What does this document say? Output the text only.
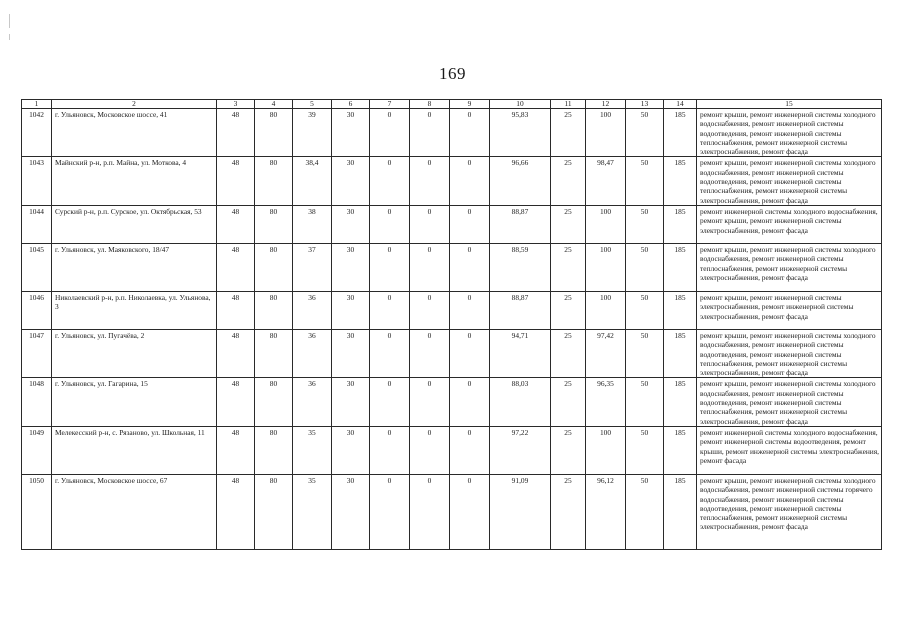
169
1	2	3	4	5	6	7	8	9	10	11	12	13	14	15
1042	г. Ульяновск, Московское шоссе, 41	48	80	39	30	0	0	0	95,83	25	100	50	185	ремонт крыши, ремонт инженерной системы холодного водоснабжения, ремонт инженерной системы водоотведения, ремонт инженерной системы теплоснабжения, ремонт инженерной системы электроснабжения, ремонт фасада
1043	Майнский р-н, р.п. Майна, ул. Моткова, 4	48	80	38,4	30	0	0	0	96,66	25	98,47	50	185	ремонт крыши, ремонт инженерной системы холодного водоснабжения, ремонт инженерной системы водоотведения, ремонт инженерной системы теплоснабжения, ремонт инженерной системы электроснабжения, ремонт фасада
1044	Сурский р-н, р.п. Сурское, ул. Октябрьская, 53	48	80	38	30	0	0	0	88,87	25	100	50	185	ремонт инженерной системы холодного водоснабжения, ремонт крыши, ремонт инженерной системы электроснабжения, ремонт фасада
1045	г. Ульяновск, ул. Маяковского, 18/47	48	80	37	30	0	0	0	88,59	25	100	50	185	ремонт крыши, ремонт инженерной системы холодного водоснабжения, ремонт инженерной системы теплоснабжения, ремонт инженерной системы электроснабжения, ремонт фасада
1046	Николаевский р-н, р.п. Николаевка, ул. Ульянова, 3	48	80	36	30	0	0	0	88,87	25	100	50	185	ремонт крыши, ремонт инженерной системы электроснабжения, ремонт инженерной системы электроснабжения, ремонт фасада
1047	г. Ульяновск, ул. Пугачёва, 2	48	80	36	30	0	0	0	94,71	25	97,42	50	185	ремонт крыши, ремонт инженерной системы холодного водоснабжения, ремонт инженерной системы водоотведения, ремонт инженерной системы теплоснабжения, ремонт инженерной системы электроснабжения, ремонт фасада
1048	г. Ульяновск, ул. Гагарина, 15	48	80	36	30	0	0	0	88,03	25	96,35	50	185	ремонт крыши, ремонт инженерной системы холодного водоснабжения, ремонт инженерной системы водоотведения, ремонт инженерной системы теплоснабжения, ремонт инженерной системы электроснабжения, ремонт фасада
1049	Мелекесский р-н, с. Рязаново, ул. Школьная, 11	48	80	35	30	0	0	0	97,22	25	100	50	185	ремонт инженерной системы холодного водоснабжения, ремонт инженерной системы водоотведения, ремонт крыши, ремонт инженерной системы электроснабжения, ремонт фасада
1050	г. Ульяновск, Московское шоссе, 67	48	80	35	30	0	0	0	91,09	25	96,12	50	185	ремонт крыши, ремонт инженерной системы холодного водоснабжения, ремонт инженерной системы горячего водоснабжения, ремонт инженерной системы водоотведения, ремонт инженерной системы теплоснабжения, ремонт инженерной системы электроснабжения, ремонт фасада
